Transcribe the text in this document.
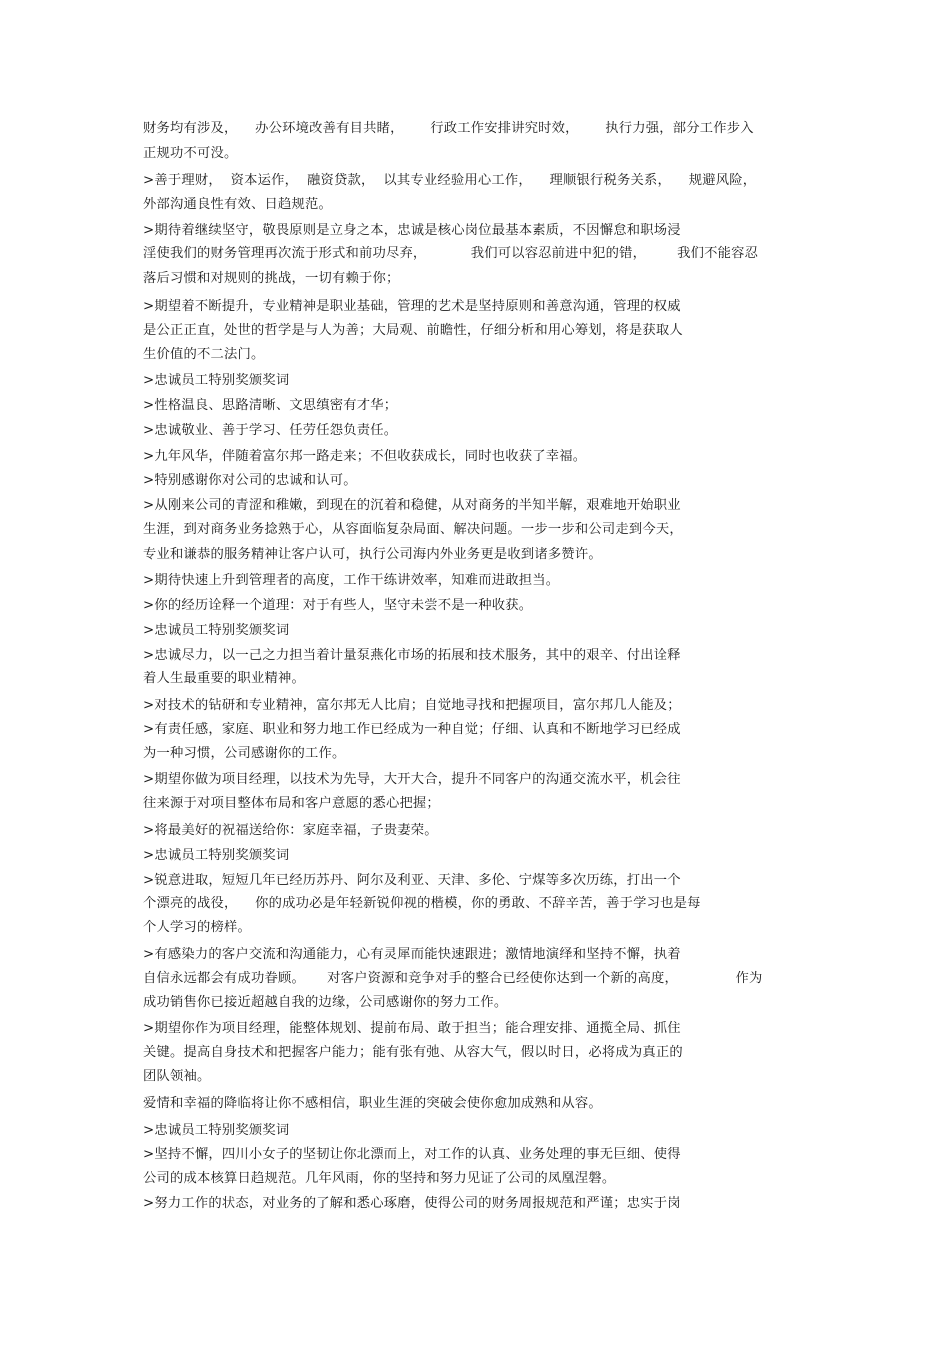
财务均有涉及，    办公环境改善有目共睹，      行政工作安排讲究时效，      执行力强，部分工作步入

正规功不可没。

>善于理财，  资本运作，  融资贷款，  以其专业经验用心工作，    理顺银行税务关系，    规避风险，

外部沟通良性有效、日趋规范。

>期待着继续坚守，敬畏原则是立身之本，忠诚是核心岗位最基本素质，不因懈怠和职场浸

淫使我们的财务管理再次流于形式和前功尽弃，          我们可以容忍前进中犯的错，       我们不能容忍

落后习惯和对规则的挑战，一切有赖于你；

>期望着不断提升，专业精神是职业基础，管理的艺术是坚持原则和善意沟通，管理的权威

是公正正直，处世的哲学是与人为善；大局观、前瞻性，仔细分析和用心筹划，将是获取人

生价值的不二法门。

>忠诚员工特别奖颁奖词

>性格温良、思路清晰、文思缜密有才华；

>忠诚敬业、善于学习、任劳任怨负责任。

>九年风华，伴随着富尔邦一路走来；不但收获成长，同时也收获了幸福。

>特别感谢你对公司的忠诚和认可。

>从刚来公司的青涩和稚嫩，到现在的沉着和稳健，从对商务的半知半解，艰难地开始职业

生涯，到对商务业务捻熟于心，从容面临复杂局面、解决问题。一步一步和公司走到今天，

专业和谦恭的服务精神让客户认可，执行公司海内外业务更是收到诸多赞许。

>期待快速上升到管理者的高度，工作干练讲效率，知难而进敢担当。

>你的经历诠释一个道理：对于有些人，坚守未尝不是一种收获。

>忠诚员工特别奖颁奖词

>忠诚尽力，以一己之力担当着计量泵燕化市场的拓展和技术服务，其中的艰辛、付出诠释

着人生最重要的职业精神。

>对技术的钻研和专业精神，富尔邦无人比肩；自觉地寻找和把握项目，富尔邦几人能及；

>有责任感，家庭、职业和努力地工作已经成为一种自觉；仔细、认真和不断地学习已经成

为一种习惯，公司感谢你的工作。

>期望你做为项目经理，以技术为先导，大开大合，提升不同客户的沟通交流水平，机会往

往来源于对项目整体布局和客户意愿的悉心把握；

>将最美好的祝福送给你：家庭幸福，子贵妻荣。

>忠诚员工特别奖颁奖词

>锐意进取，短短几年已经历苏丹、阿尔及利亚、天津、多伦、宁煤等多次历练，打出一个

个漂亮的战役，    你的成功必是年轻新锐仰视的楷模，你的勇敢、不辞辛苦，善于学习也是每

个人学习的榜样。

>有感染力的客户交流和沟通能力，心有灵犀而能快速跟进；激情地演绎和坚持不懈，执着

自信永远都会有成功眷顾。     对客户资源和竞争对手的整合已经使你达到一个新的高度，             作为

成功销售你已接近超越自我的边缘，公司感谢你的努力工作。

>期望你作为项目经理，能整体规划、提前布局、敢于担当；能合理安排、通揽全局、抓住

关键。提高自身技术和把握客户能力；能有张有弛、从容大气，假以时日，必将成为真正的

团队领袖。

爱情和幸福的降临将让你不感相信，职业生涯的突破会使你愈加成熟和从容。

>忠诚员工特别奖颁奖词

>坚持不懈，四川小女子的坚韧让你北漂而上，对工作的认真、业务处理的事无巨细、使得

公司的成本核算日趋规范。几年风雨，你的坚持和努力见证了公司的凤凰涅磐。

>努力工作的状态，对业务的了解和悉心琢磨，使得公司的财务周报规范和严谨；忠实于岗
